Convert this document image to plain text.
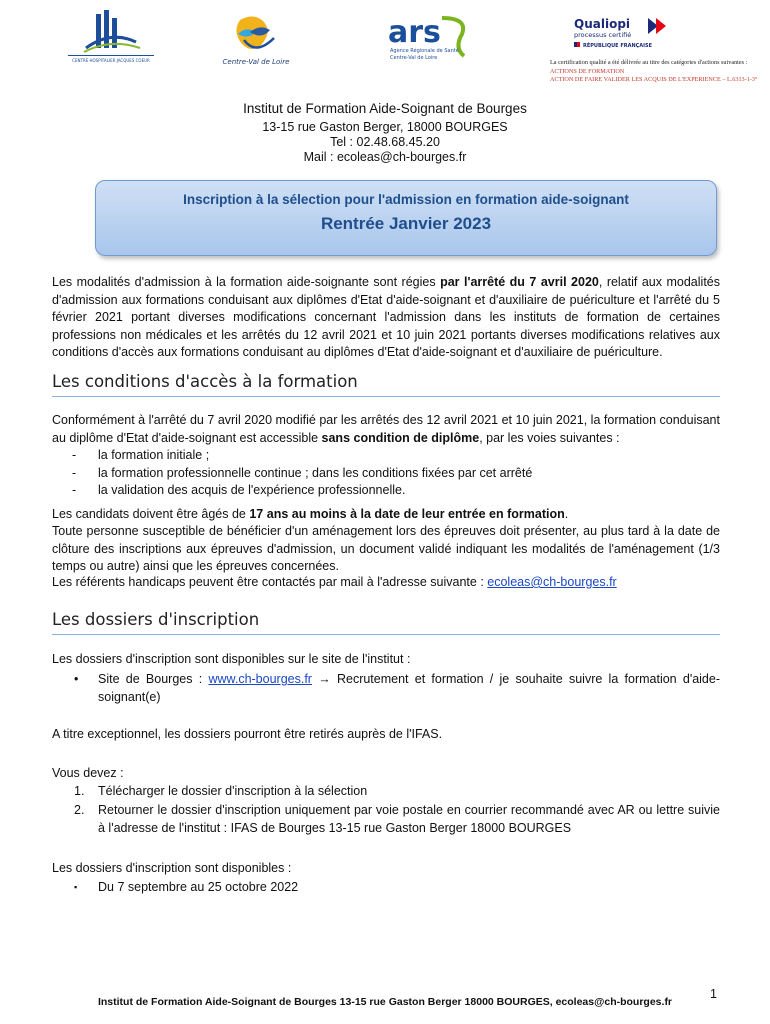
CENTRE HOSPITALIER JACQUES COEUR	Centre-Val de Loire
ars
Agence Régionale de Santé
Centre-Val de Loire
Qualiopi
processus certifié
RÉPUBLIQUE FRANÇAISE
La certification qualité a été délivrée au titre des catégories d'actions suivantes :
ACTIONS DE FORMATION
ACTION DE FAIRE VALIDER LES ACQUIS DE L'EXPERIENCE – L.6313-1-3°
Institut de Formation Aide-Soignant de Bourges
13-15 rue Gaston Berger, 18000 BOURGES
Tel : 02.48.68.45.20
Mail : ecoleas@ch-bourges.fr
Inscription à la sélection pour l'admission en formation aide-soignant
Rentrée Janvier 2023
Les modalités d'admission à la formation aide-soignante sont régies par l'arrêté du 7 avril 2020, relatif aux modalités d'admission aux formations conduisant aux diplômes d'Etat d'aide-soignant et d'auxiliaire de puériculture et l'arrêté du 5 février 2021 portant diverses modifications concernant l'admission dans les instituts de formation de certaines professions non médicales et les arrêtés du 12 avril 2021 et 10 juin 2021 portants diverses modifications relatives aux conditions d'accès aux formations conduisant au diplômes d'Etat d'aide-soignant et d'auxiliaire de puériculture.
Les conditions d'accès à la formation
Conformément à l'arrêté du 7 avril 2020 modifié par les arrêtés des 12 avril 2021 et 10 juin 2021, la formation conduisant au diplôme d'Etat d'aide-soignant est accessible sans condition de diplôme, par les voies suivantes :
-	la formation initiale ;
-	la formation professionnelle continue ; dans les conditions fixées par cet arrêté
-	la validation des acquis de l'expérience professionnelle.
Les candidats doivent être âgés de 17 ans au moins à la date de leur entrée en formation.
Toute personne susceptible de bénéficier d'un aménagement lors des épreuves doit présenter, au plus tard à la date de clôture des inscriptions aux épreuves d'admission, un document validé indiquant les modalités de l'aménagement (1/3 temps ou autre) ainsi que les épreuves concernées.
Les référents handicaps peuvent être contactés par mail à l'adresse suivante : ecoleas@ch-bourges.fr
Les dossiers d'inscription
Les dossiers d'inscription sont disponibles sur le site de l'institut :
• Site de Bourges : www.ch-bourges.fr → Recrutement et formation / je souhaite suivre la formation d'aide-soignant(e)
A titre exceptionnel, les dossiers pourront être retirés auprès de l'IFAS.
Vous devez :
1. Télécharger le dossier d'inscription à la sélection
2. Retourner le dossier d'inscription uniquement par voie postale en courrier recommandé avec AR ou lettre suivie à l'adresse de l'institut : IFAS de Bourges 13-15 rue Gaston Berger 18000 BOURGES
Les dossiers d'inscription sont disponibles :
▪ Du 7 septembre au 25 octobre 2022
1
Institut de Formation Aide-Soignant de Bourges 13-15 rue Gaston Berger 18000 BOURGES, ecoleas@ch-bourges.fr
